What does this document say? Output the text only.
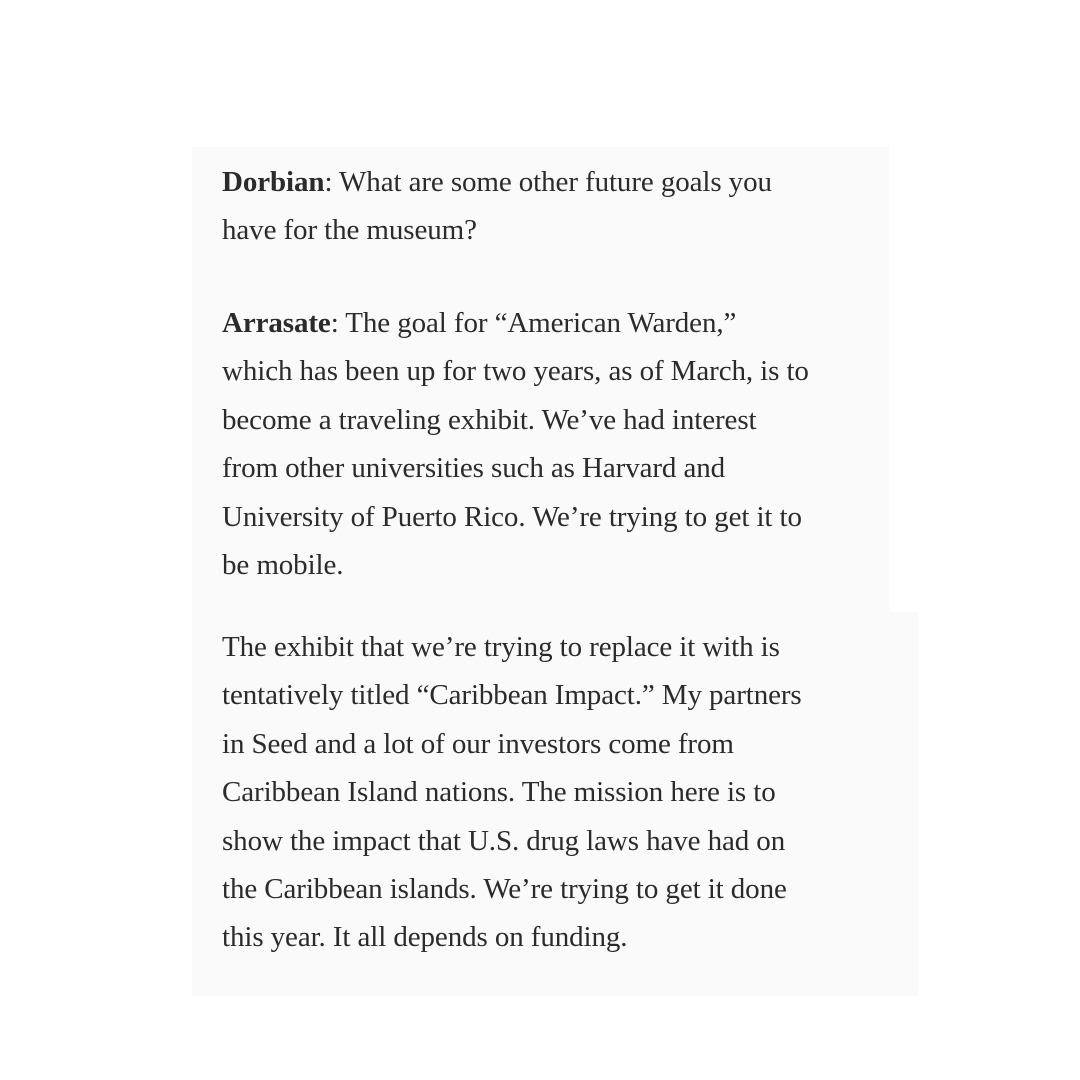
Dorbian: What are some other future goals you
have for the museum?

Arrasate: The goal for “American Warden,”
which has been up for two years, as of March, is to
become a traveling exhibit. We’ve had interest
from other universities such as Harvard and
University of Puerto Rico. We’re trying to get it to
be mobile.

The exhibit that we’re trying to replace it with is
tentatively titled “Caribbean Impact.” My partners
in Seed and a lot of our investors come from
Caribbean Island nations. The mission here is to
show the impact that U.S. drug laws have had on
the Caribbean islands. We’re trying to get it done
this year. It all depends on funding.
